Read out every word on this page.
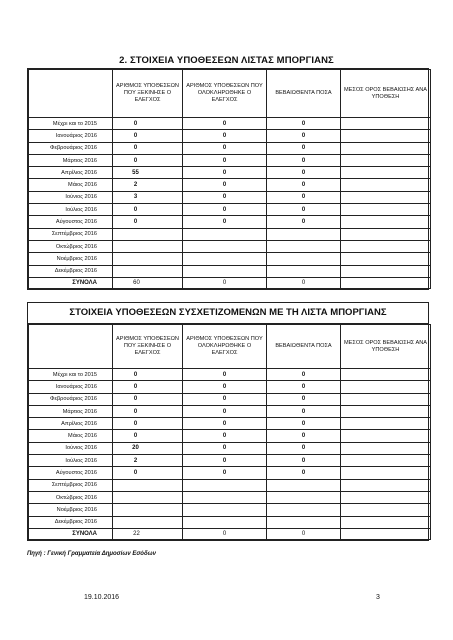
2. ΣΤΟΙΧΕΙΑ ΥΠΟΘΕΣΕΩΝ ΛΙΣΤΑΣ ΜΠΟΡΓΙΑΝΣ
	ΑΡΙΘΜΟΣ ΥΠΟΘΕΣΕΩΝ ΠΟΥ ΞΕΚΙΝΗΣΕ Ο ΕΛΕΓΧΟΣ	ΑΡΙΘΜΟΣ ΥΠΟΘΕΣΕΩΝ ΠΟΥ ΟΛΟΚΛΗΡΩΘΗΚΕ Ο ΕΛΕΓΧΟΣ	ΒΕΒΑΙΩΘΕΝΤΑ ΠΟΣΑ	ΜΕΣΟΣ ΟΡΟΣ ΒΕΒΑΙΩΣΗΣ ΑΝΑ ΥΠΟΘΕΣΗ
Μέχρι και το 2015	0	0	0	
Ιανουάριος 2016	0	0	0	
Φεβρουάριος 2016	0	0	0	
Μάρτιος 2016	0	0	0	
Απρίλιος 2016	55	0	0	
Μάιος 2016	2	0	0	
Ιούνιος 2016	3	0	0	
Ιούλιος 2016	0	0	0	
Αύγουστος 2016	0	0	0	
Σεπτέμβριος 2016				
Οκτώβριος 2016				
Νοέμβριος 2016				
Δεκέμβριος 2016				
ΣΥΝΟΛΑ	60	0	0	
ΣΤΟΙΧΕΙΑ ΥΠΟΘΕΣΕΩΝ ΣΥΣΧΕΤΙΖΟΜΕΝΩΝ ΜΕ ΤΗ ΛΙΣΤΑ ΜΠΟΡΓΙΑΝΣ
	ΑΡΙΘΜΟΣ ΥΠΟΘΕΣΕΩΝ ΠΟΥ ΞΕΚΙΝΗΣΕ Ο ΕΛΕΓΧΟΣ	ΑΡΙΘΜΟΣ ΥΠΟΘΕΣΕΩΝ ΠΟΥ ΟΛΟΚΛΗΡΩΘΗΚΕ Ο ΕΛΕΓΧΟΣ	ΒΕΒΑΙΩΘΕΝΤΑ ΠΟΣΑ	ΜΕΣΟΣ ΟΡΟΣ ΒΕΒΑΙΩΣΗΣ ΑΝΑ ΥΠΟΘΕΣΗ
Μέχρι και το 2015	0	0	0	
Ιανουάριος 2016	0	0	0	
Φεβρουάριος 2016	0	0	0	
Μάρτιος 2016	0	0	0	
Απρίλιος 2016	0	0	0	
Μάιος 2016	0	0	0	
Ιούνιος 2016	20	0	0	
Ιούλιος 2016	2	0	0	
Αύγουστος 2016	0	0	0	
Σεπτέμβριος 2016				
Οκτώβριος 2016				
Νοέμβριος 2016				
Δεκέμβριος 2016				
ΣΥΝΟΛΑ	22	0	0	
Πηγή : Γενική Γραμματεία Δημοσίων Εσόδων
19.10.2016	3
